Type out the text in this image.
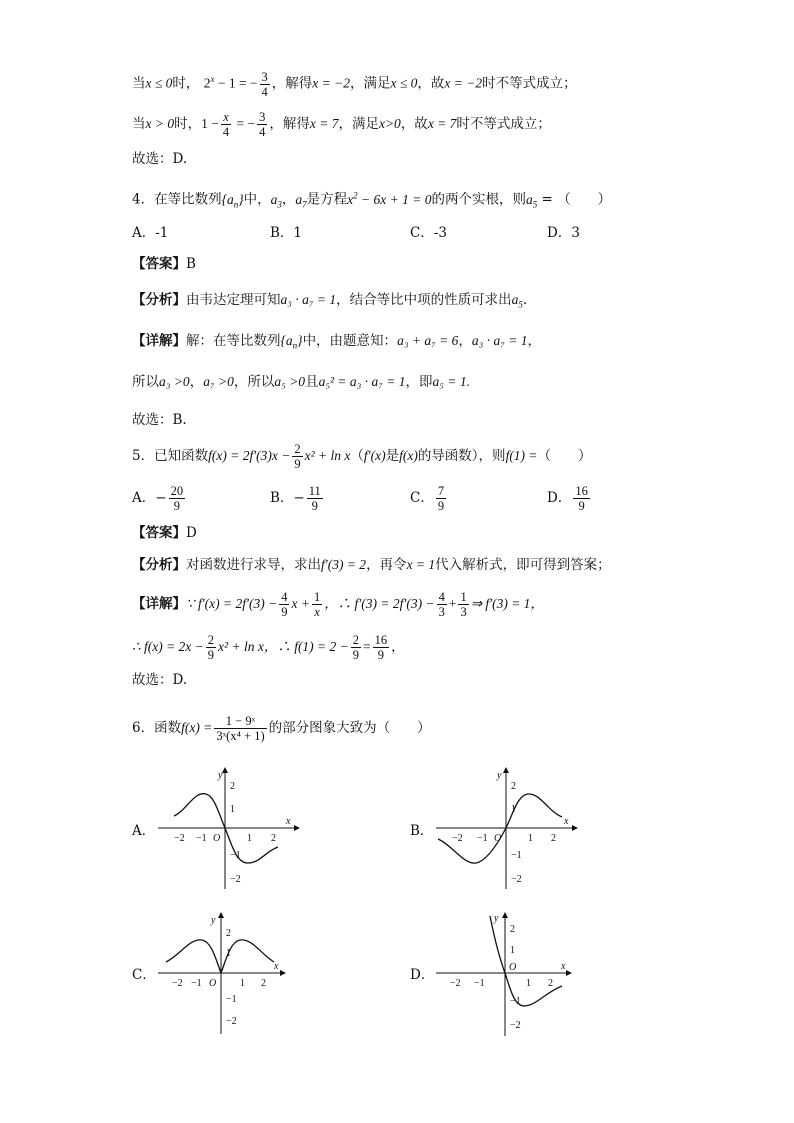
当x ≤ 0时， $2^x - 1$ = − $\frac{3}{4}$ ，解得x = −2，满足x ≤ 0，故x = −2时不等式成立；
当x > 0时，$1 - \frac{x}{4}$ = − $\frac{3}{4}$ ，解得x = 7，满足x>0，故x = 7时不等式成立；
故选：D.
4．在等比数列$\{a_n\}$中，$a_3$，$a_7$是方程$x^2 - 6x + 1 = 0$的两个实根，则$a_5$ = （　　）
A．-1	B．1	C．-3	D．3
【答案】B
【分析】由韦达定理可知a₃ · a₇ = 1，结合等比中项的性质可求出$a_5$.
【详解】解：在等比数列$\{a_n\}$中，由题意知：a₃ + a₇ = 6，a₃ · a₇ = 1，
所以a₃ >0，a₇ >0，所以a₅ >0且a₅² = a₃ · a₇ = 1，即a₅ = 1.
故选：B.
5．已知函数$f(x) = 2f'(3)x - \frac{2}{9} x^2 + \ln x(f'(x)$是f(x)的导函数），则f(1) =（　　）
A．− $\frac{20}{9}$	B．− $\frac{11}{9}$	C． $\frac{7}{9}$	D． $\frac{16}{9}$
【答案】D
【分析】对函数进行求导，求出f′(3) = 2，再令x = 1代入解析式，即可得到答案；
【详解】∵ $f'(x) = 2f'(3) - \frac{4}{9}$ $x + \frac{1}{x}$ ，∴ $f'(3) = 2f'(3) - \frac{4}{3} + \frac{1}{3}$ ⇒ f′(3) = 1，
∴ $f(x) = 2x - \frac{2}{9} x^2 + \ln x$，∴ $f(1) = 2 - \frac{2}{9} = \frac{16}{9}$ ，
故选：D.
6．函数$f(x) = \frac{\text{1 − 9ˣ}}{\text{3ˣ(x⁴ + 1)}}$ 的部分图象大致为（　　）
A．
y
x
O
−2 −1	1 2
2
1
−1
−2
B．
y
x
O
−2 −1	1 2
2
1
−1
−2
C．
y
x
O
−2 −1	1 2
2
1
−1
−2
D．
y
x
O
−2 −1	1 2
2
1
−1
−2
